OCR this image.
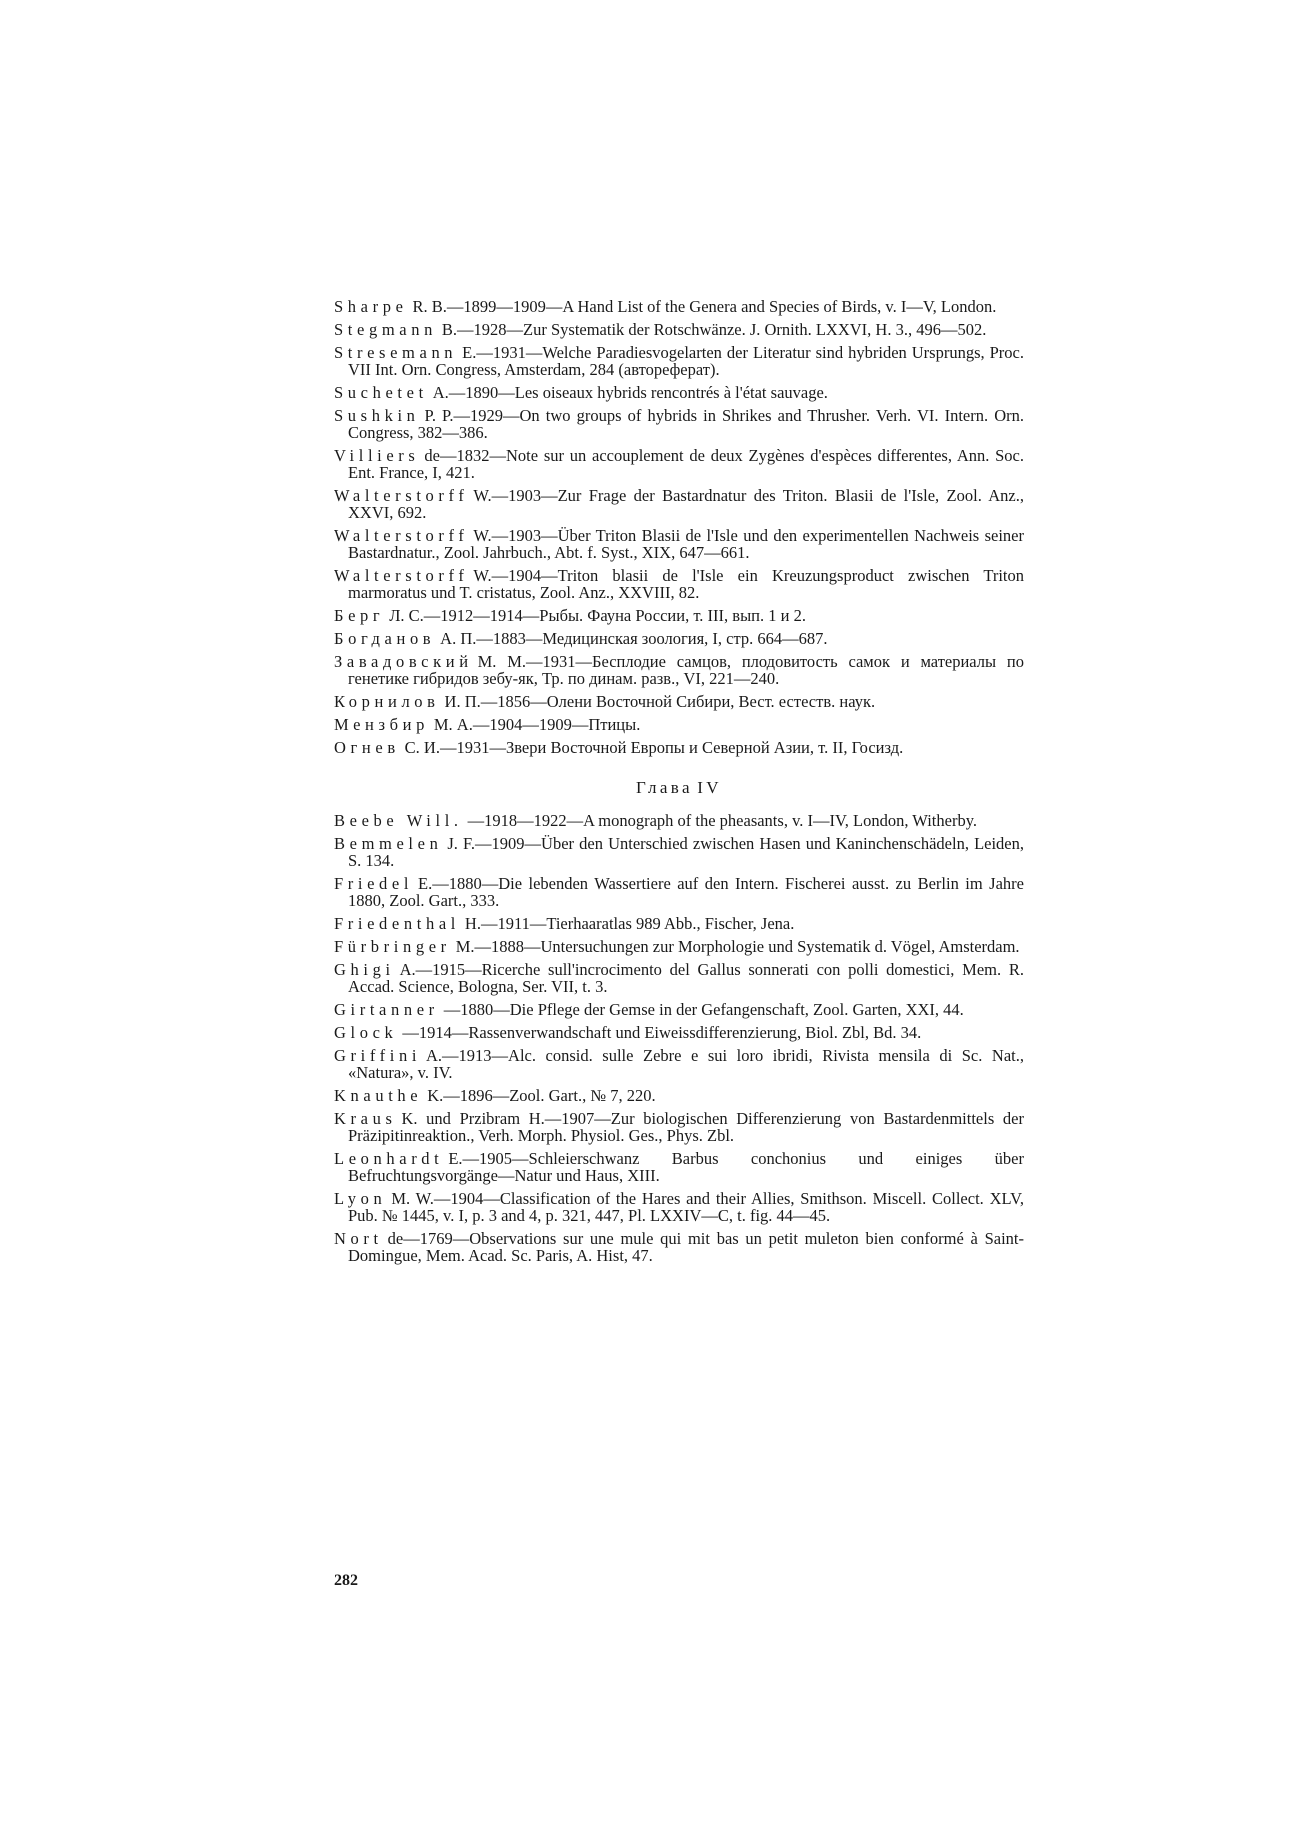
Sharpe R. B.—1899—1909—A Hand List of the Genera and Species of Birds, v. I—V, London.

Stegmann B.—1928—Zur Systematik der Rotschwänze. J. Ornith. LXXVI, H. 3., 496—502.

Stresemann E.—1931—Welche Paradiesvogelarten der Literatur sind hybriden Ursprungs, Proc. VII Int. Orn. Congress, Amsterdam, 284 (автореферат).

Suchetet A.—1890—Les oiseaux hybrids rencontrés à l'état sauvage.

Sushkin P. P.—1929—On two groups of hybrids in Shrikes and Thrusher. Verh. VI. Intern. Orn. Congress, 382—386.

Villiers de—1832—Note sur un accouplement de deux Zygènes d'espèces differentes, Ann. Soc. Ent. France, I, 421.

Walterstorff W.—1903—Zur Frage der Bastardnatur des Triton. Blasii de l'Isle, Zool. Anz., XXVI, 692.

Walterstorff W.—1903—Über Triton Blasii de l'Isle und den experimentellen Nachweis seiner Bastardnatur., Zool. Jahrbuch., Abt. f. Syst., XIX, 647—661.

Walterstorff W.—1904—Triton blasii de l'Isle ein Kreuzungsproduct zwischen Triton marmoratus und T. cristatus, Zool. Anz., XXVIII, 82.

Берг Л. С.—1912—1914—Рыбы. Фауна России, т. III, вып. 1 и 2.

Богданов А. П.—1883—Медицинская зоология, I, стр. 664—687.

Завадовский М. М.—1931—Бесплодие самцов, плодовитость самок и материалы по генетике гибридов зебу-як, Тр. по динам. разв., VI, 221—240.

Корнилов И. П.—1856—Олени Восточной Сибири, Вест. естеств. наук.

Мензбир М. А.—1904—1909—Птицы.

Огнев С. И.—1931—Звери Восточной Европы и Северной Азии, т. II, Госизд.

Глава IV

Beebe Will. —1918—1922—A monograph of the pheasants, v. I—IV, London, Witherby.

Bemmelen J. F.—1909—Über den Unterschied zwischen Hasen und Kaninchenschädeln, Leiden, S. 134.

Friedel E.—1880—Die lebenden Wassertiere auf den Intern. Fischerei ausst. zu Berlin im Jahre 1880, Zool. Gart., 333.

Friedenthal H.—1911—Tierhaaratlas 989 Abb., Fischer, Jena.

Fürbringer M.—1888—Untersuchungen zur Morphologie und Systematik d. Vögel, Amsterdam.

Ghigi A.—1915—Ricerche sull'incrocimento del Gallus sonnerati con polli domestici, Mem. R. Accad. Science, Bologna, Ser. VII, t. 3.

Girtanner —1880—Die Pflege der Gemse in der Gefangenschaft, Zool. Garten, XXI, 44.

Glock —1914—Rassenverwandschaft und Eiweissdifferenzierung, Biol. Zbl, Bd. 34.

Griffini A.—1913—Alc. consid. sulle Zebre e sui loro ibridi, Rivista mensila di Sc. Nat., «Natura», v. IV.

Knauthe K.—1896—Zool. Gart., № 7, 220.

Kraus K. und Przibram H.—1907—Zur biologischen Differenzierung von Bastardenmittels der Präzipitinreaktion., Verh. Morph. Physiol. Ges., Phys. Zbl.

Leonhardt E.—1905—Schleierschwanz Barbus conchonius und einiges über Befruchtungsvorgänge—Natur und Haus, XIII.

Lyon M. W.—1904—Classification of the Hares and their Allies, Smithson. Miscell. Collect. XLV, Pub. № 1445, v. I, p. 3 and 4, p. 321, 447, Pl. LXXIV—C, t. fig. 44—45.

Nort de—1769—Observations sur une mule qui mit bas un petit muleton bien conformé à Saint-Domingue, Mem. Acad. Sc. Paris, A. Hist, 47.

282
